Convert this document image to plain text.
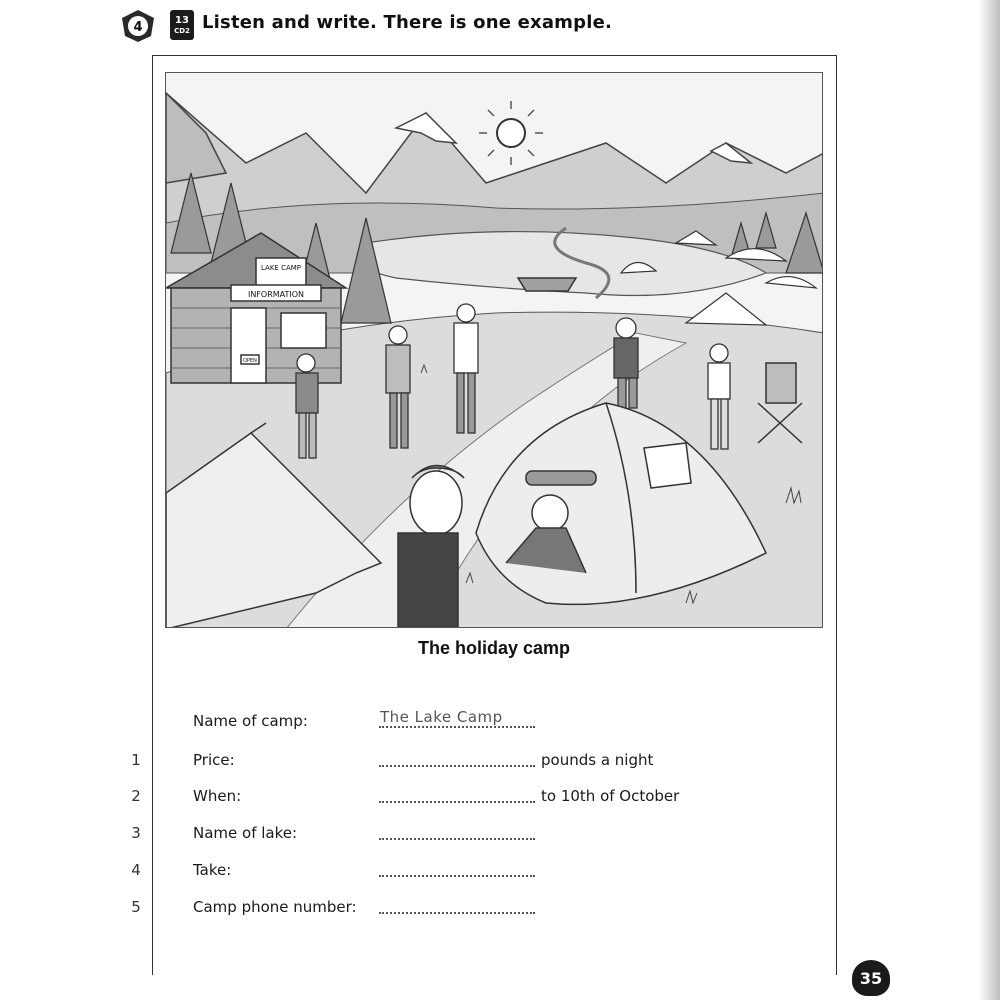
4	13
CD2 Listen and write. There is one example.
LAKE CAMP
INFORMATION
OPEN
The holiday camp
Name of camp:	The Lake Camp
1	Price:	pounds a night
2	When:	to 10th of October
3	Name of lake:
4	Take:
5	Camp phone number:
35
